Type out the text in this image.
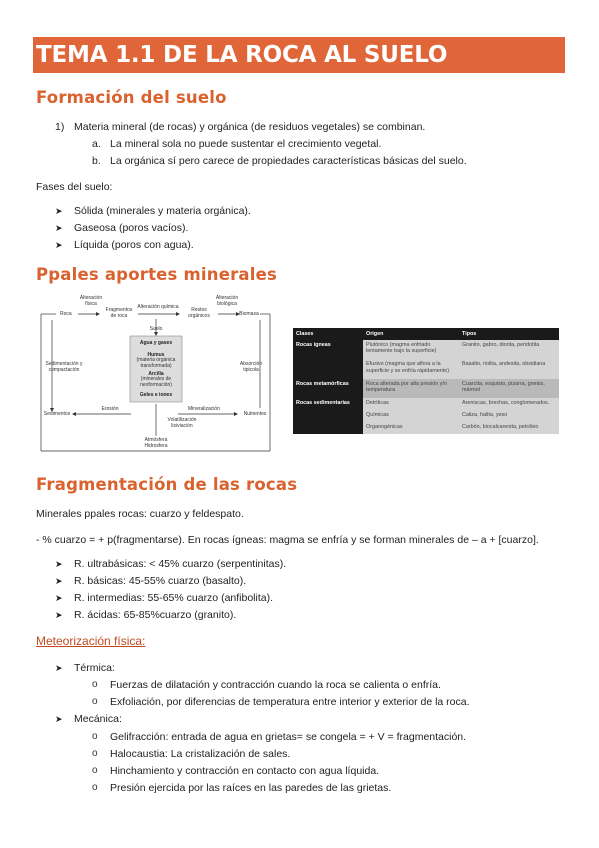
TEMA 1.1 DE LA ROCA AL SUELO
Formación del suelo
1) Materia mineral (de rocas) y orgánica (de residuos vegetales) se combinan.
a. La mineral sola no puede sustentar el crecimiento vegetal.
b. La orgánica sí pero carece de propiedades características básicas del suelo.
Fases del suelo:
➤ Sólida (minerales y materia orgánica).
➤ Gaseosa (poros vacíos).
➤ Líquida (poros con agua).
Ppales aportes minerales
Roca
Fragmentos
de roca
Restos
orgánicos	Biomasa
Alteración
física
Alteración química
Alteración
biológica
Suelo
Agua y gases
Humus
(materia orgánica
transformada)
Arcilla
(minerales de
neoformación)
Geles e iones
Sedimentación y
compactación
Absorción
tipicola
Sedimentos
Erosión	Mineralización
Nutrientes
Volatilización
lixiviación
Atmósfera
Hidrosfera
Clases	Origen	Tipos
Rocas ígneas	Plutónico (magma enfriado lentamente bajo la superficie)	Granito, gabro, diorita, peridotita
	Efusivo (magma que aflora a la superficie y se enfría rápidamente)	Basalto, riolita, andesita, obsidiana
Rocas metamórficas	Roca alterada por alta presión y/o temperatura	Cuarcita, esquisto, pizarra, gneiss, mármol
Rocas sedimentarias	Detríticas	Areniscas, brechas, conglomerados.
	Químicas	Caliza, halita, yeso
	Organogénicas	Carbón, biocalcarenita, petróleo
Fragmentación de las rocas
Minerales ppales rocas: cuarzo y feldespato.
- % cuarzo = + p(fragmentarse). En rocas ígneas: magma se enfría y se forman minerales de – a + [cuarzo].
➤ R. ultrabásicas: < 45% cuarzo (serpentinitas).
➤ R. básicas: 45-55% cuarzo (basalto).
➤ R. intermedias: 55-65% cuarzo (anfibolita).
➤ R. ácidas: 65-85%cuarzo (granito).
Meteorización física:
➤ Térmica:
o Fuerzas de dilatación y contracción cuando la roca se calienta o enfría.
o Exfoliación, por diferencias de temperatura entre interior y exterior de la roca.
➤ Mecánica:
o Gelifracción: entrada de agua en grietas= se congela = + V = fragmentación.
o Halocaustia: La cristalización de sales.
o Hinchamiento y contracción en contacto con agua líquida.
o Presión ejercida por las raíces en las paredes de las grietas.
